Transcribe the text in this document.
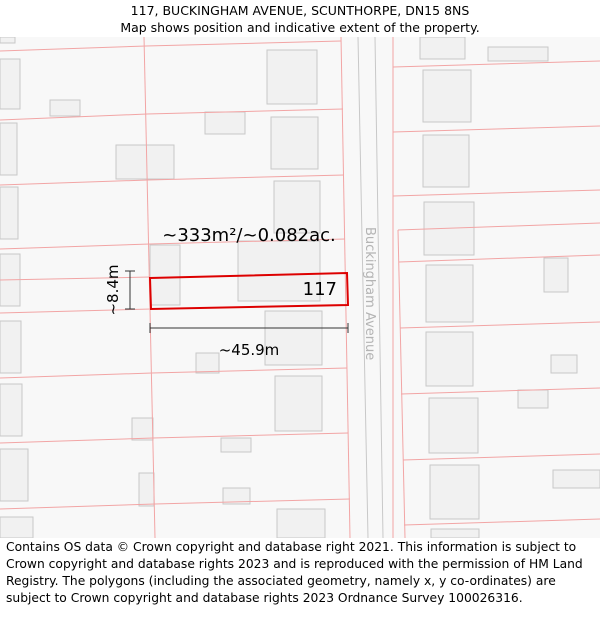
117, BUCKINGHAM AVENUE, SCUNTHORPE, DN15 8NS
Map shows position and indicative extent of the property.
Buckingham Avenue
117
~333m²/~0.082ac.
~8.4m
~45.9m
Contains OS data © Crown copyright and database right 2021. This information is subject to Crown copyright and database rights 2023 and is reproduced with the permission of HM Land Registry. The polygons (including the associated geometry, namely x, y co-ordinates) are subject to Crown copyright and database rights 2023 Ordnance Survey 100026316.
